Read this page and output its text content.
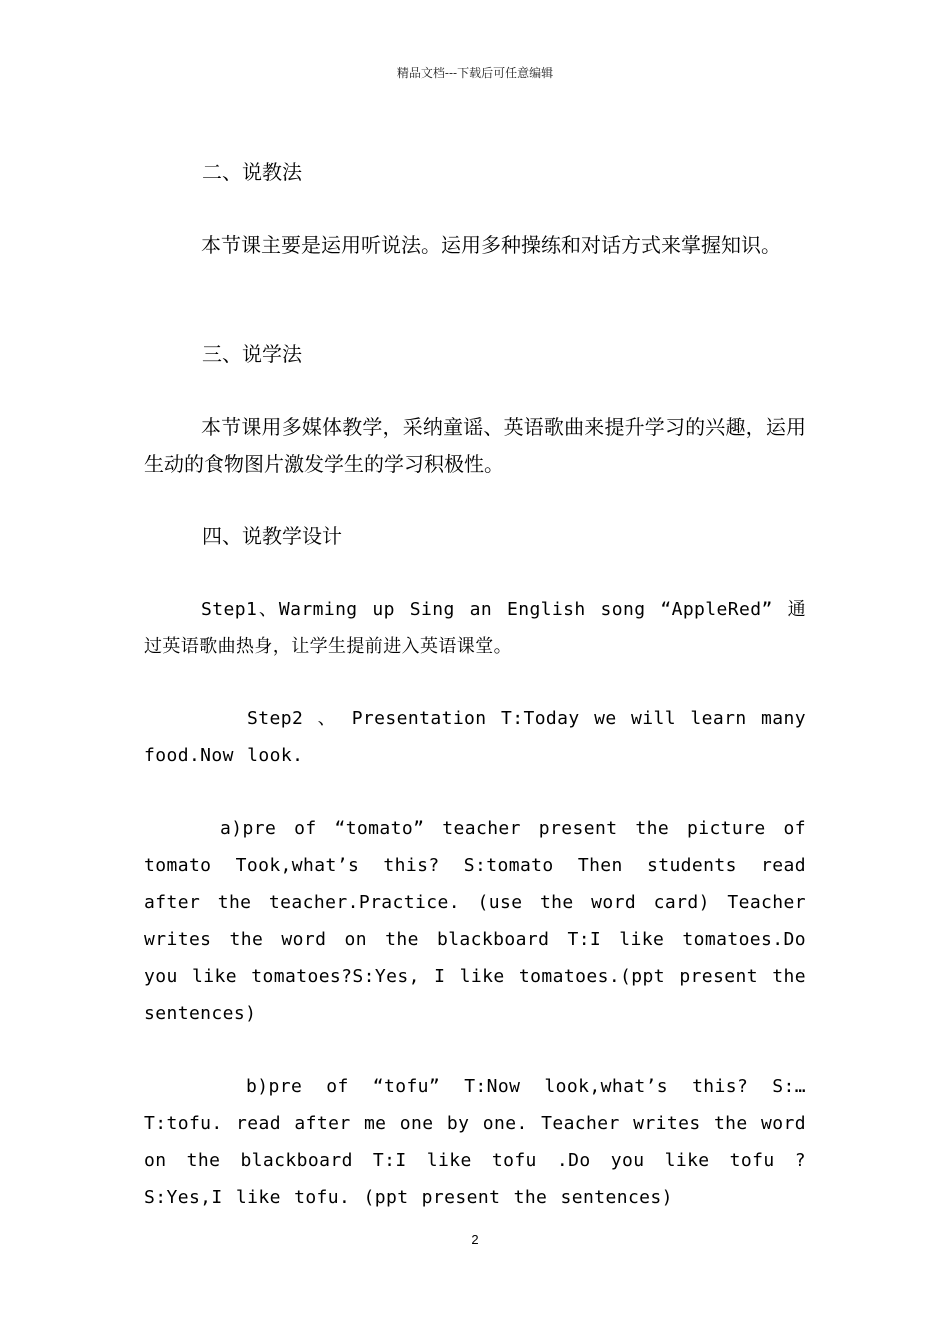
精品文档---下载后可任意编辑

二、说教法

本节课主要是运用听说法。运用多种操练和对话方式来掌握知识。

三、说学法

本节课用多媒体教学，采纳童谣、英语歌曲来提升学习的兴趣，运用生动的食物图片激发学生的学习积极性。

四、说教学设计

Step1、Warming up Sing an English song “AppleRed” 通过英语歌曲热身，让学生提前进入英语课堂。

Step2 、 Presentation T:Today we will learn many food.Now look.

a)pre of “tomato” teacher present the picture of tomato Took,what’s this? S:tomato Then students read after the teacher.Practice. (use the word card) Teacher writes the word on the blackboard T:I like tomatoes.Do you like tomatoes?S:Yes, I like tomatoes.(ppt present the sentences)

b)pre of “tofu” T:Now look,what’s this? S:… T:tofu. read after me one by one. Teacher writes the word on the blackboard T:I like tofu .Do you like tofu ? S:Yes,I like tofu. (ppt present the sentences)

2
